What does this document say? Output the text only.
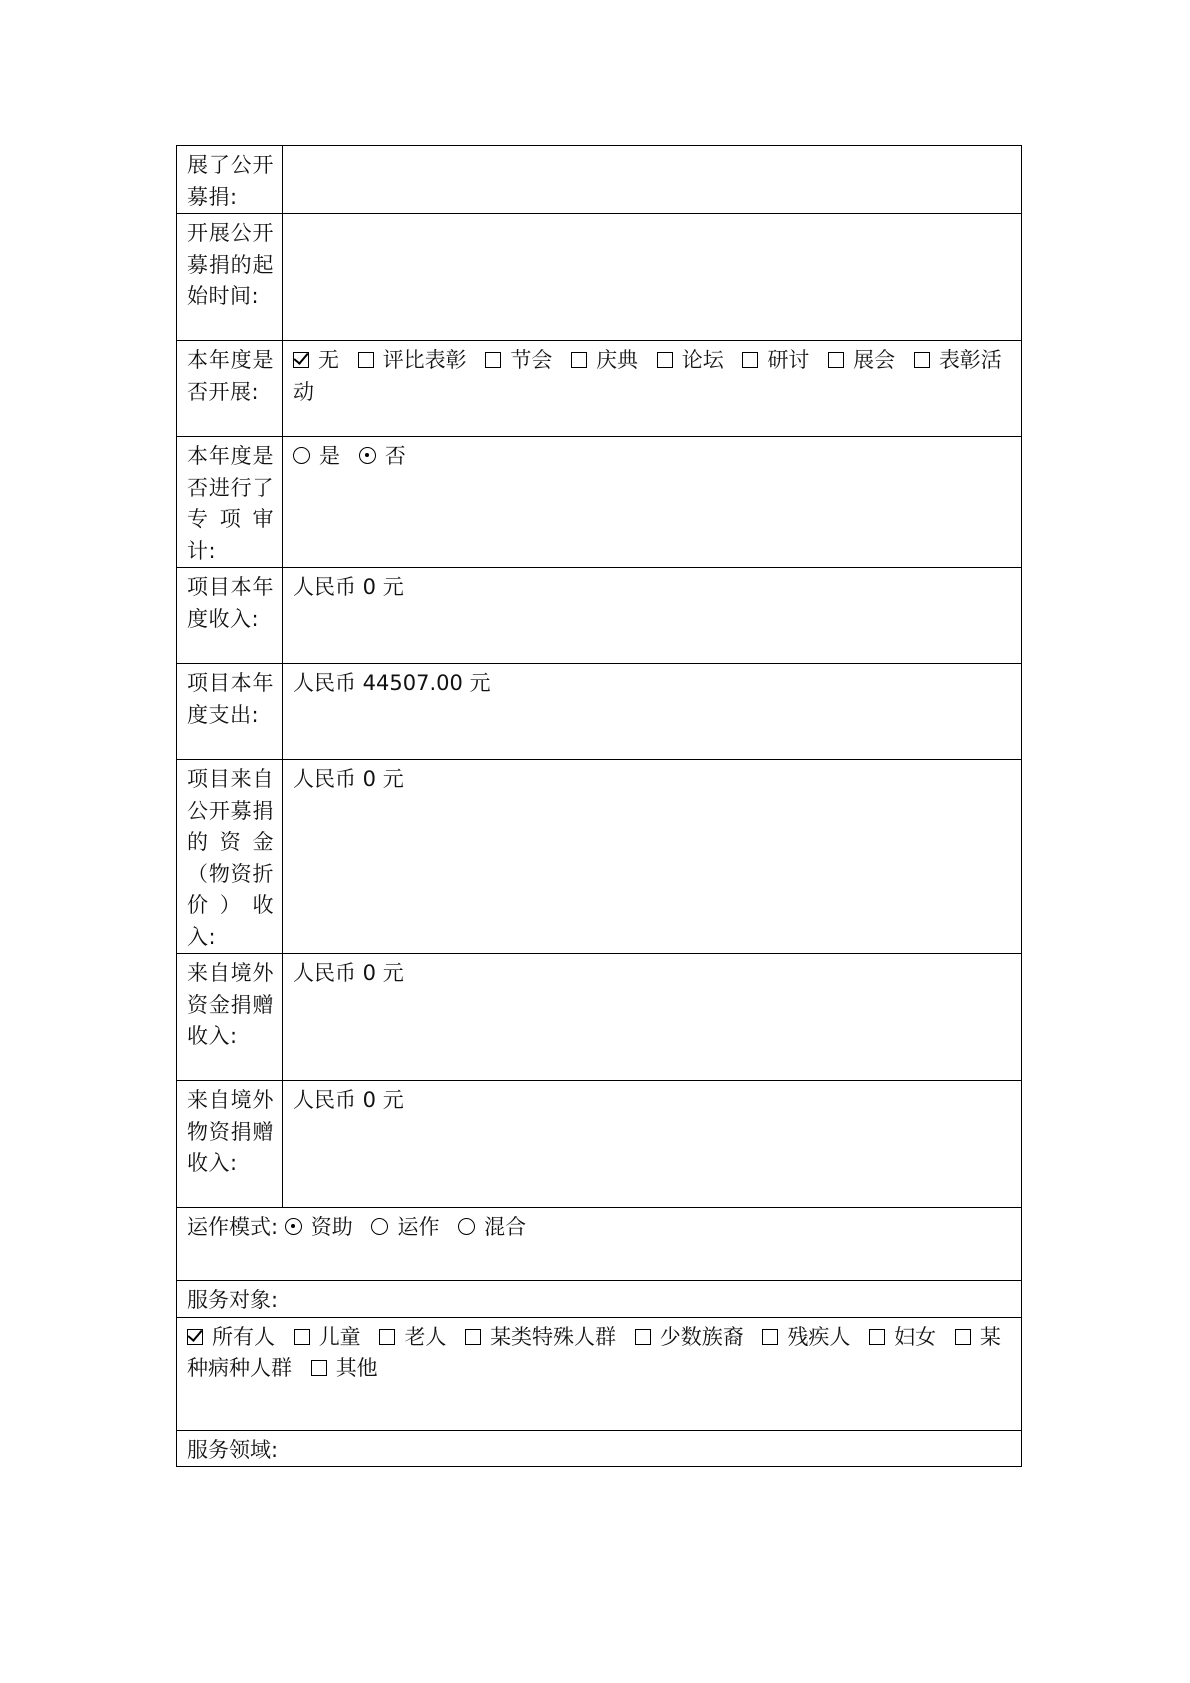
展了公开募捐:	
开展公开募捐的起始时间:	
本年度是否开展:	无 评比表彰 节会 庆典 论坛 研讨 展会 表彰活动
本年度是否进行了专项审计:	是 否
项目本年度收入:	人民币 0 元
项目本年度支出:	人民币 44507.00 元
项目来自公开募捐的资金（物资折价）收入:	人民币 0 元
来自境外资金捐赠收入:	人民币 0 元
来自境外物资捐赠收入:	人民币 0 元
运作模式: 资助 运作 混合	
服务对象:	
所有人 儿童 老人 某类特殊人群 少数族裔 残疾人 妇女 某种病种人群 其他	
服务领域:	
